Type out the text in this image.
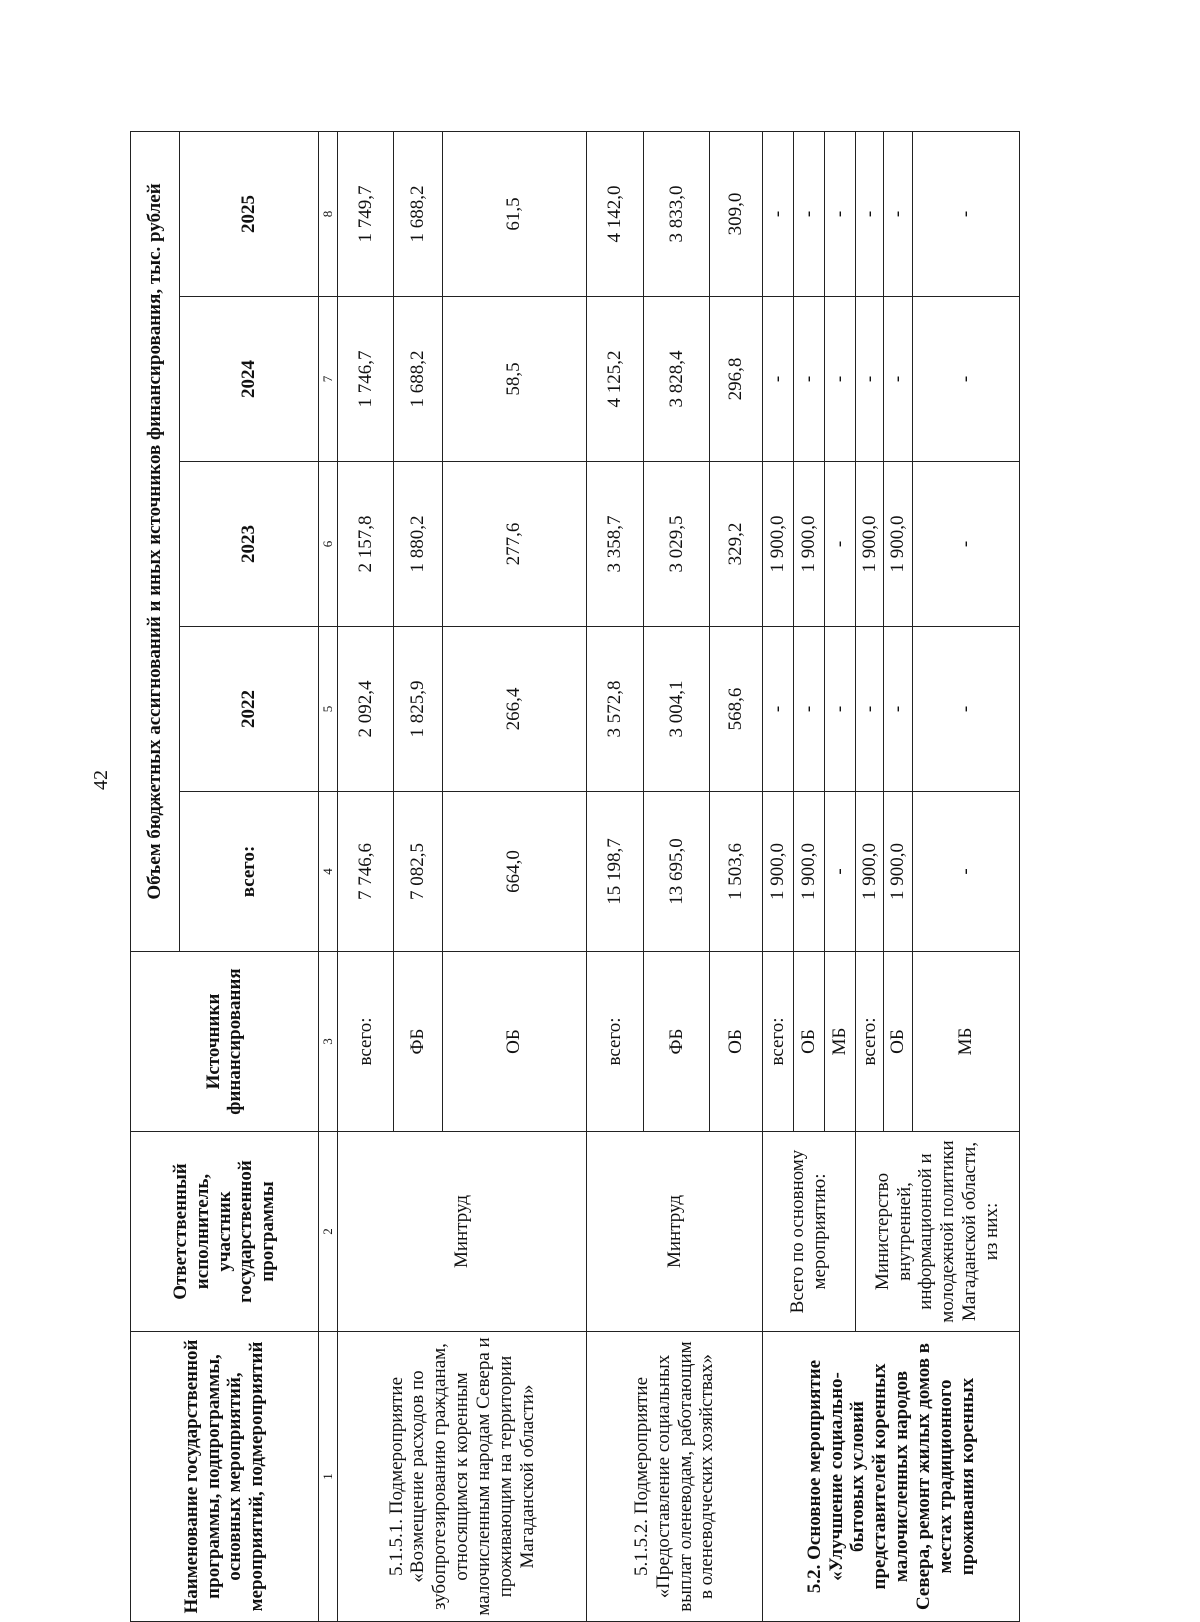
42
Наименование государственной программы, подпрограммы, основных мероприятий, мероприятий, подмероприятий	Ответственный исполнитель, участник государственной программы	Источники финансирования	Объем бюджетных ассигнований и иных источников финансирования, тыс. рублей				
			всего:	2022	2023	2024	2025
1	2	3	4	5	6	7	8
5.1.5.1. Подмероприятие «Возмещение расходов по зубопротезированию гражданам, относящимся к коренным малочисленным народам Севера и проживающим на территории Магаданской области»	Минтруд	всего:	7 746,6	2 092,4	2 157,8	1 746,7	1 749,7
		ФБ	7 082,5	1 825,9	1 880,2	1 688,2	1 688,2
		ОБ	664,0	266,4	277,6	58,5	61,5
5.1.5.2. Подмероприятие «Предоставление социальных выплат оленеводам, работающим в оленеводческих хозяйствах»	Минтруд	всего:	15 198,7	3 572,8	3 358,7	4 125,2	4 142,0
		ФБ	13 695,0	3 004,1	3 029,5	3 828,4	3 833,0
		ОБ	1 503,6	568,6	329,2	296,8	309,0
5.2. Основное мероприятие «Улучшение социально-бытовых условий представителей коренных малочисленных народов Севера, ремонт жилых домов в местах традиционного проживания коренных	Всего по основному мероприятию:	всего:	1 900,0	-	1 900,0	-	-
		ОБ	1 900,0	-	1 900,0	-	-
		МБ	-	-	-	-	-
	Министерство внутренней, информационной и молодежной политики Магаданской области, из них:	всего:	1 900,0	-	1 900,0	-	-
		ОБ	1 900,0	-	1 900,0	-	-
		МБ	-	-	-	-	-
